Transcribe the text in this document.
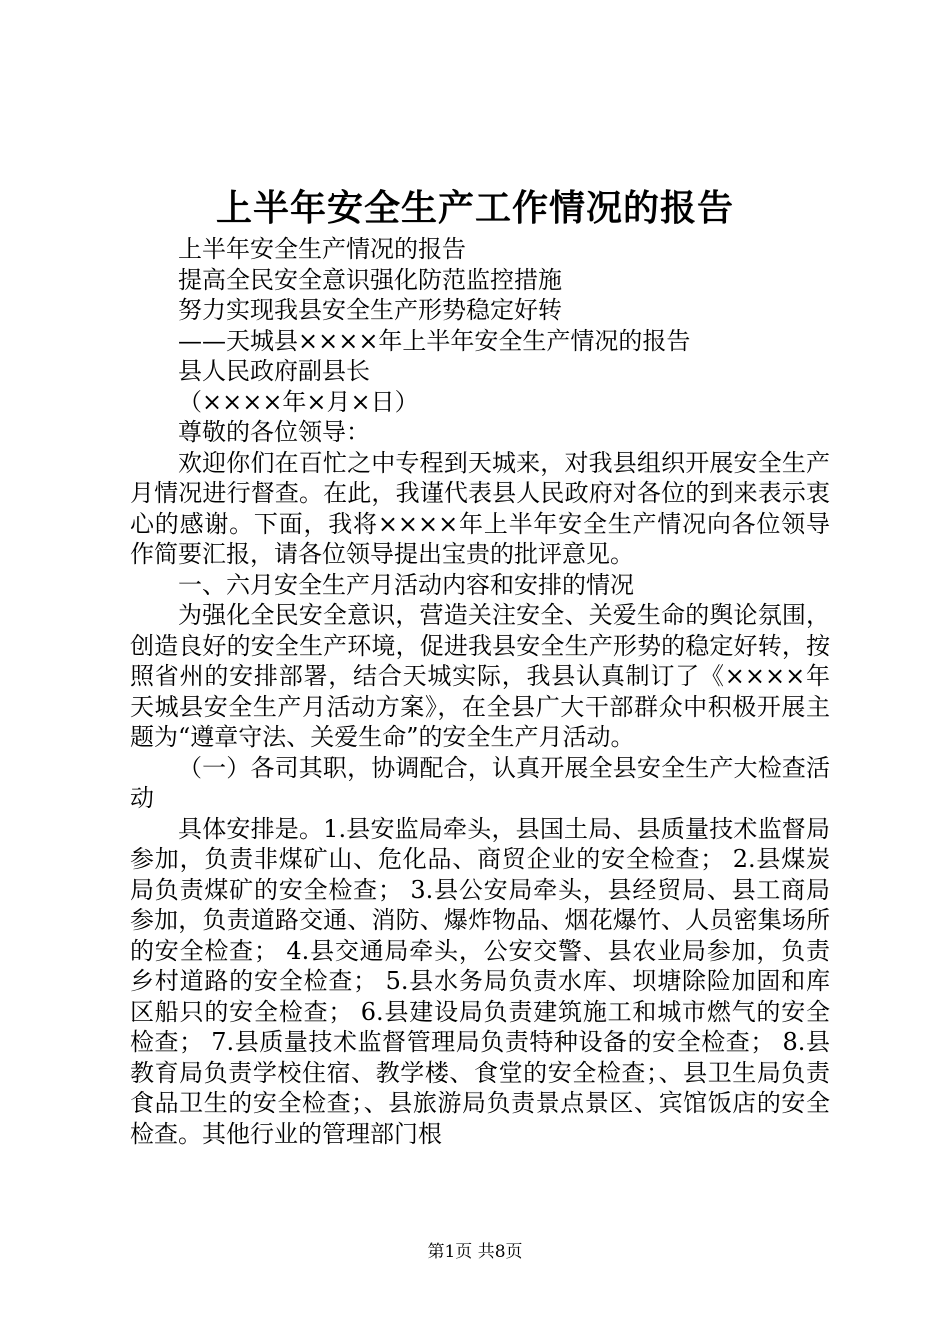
上半年安全生产工作情况的报告

上半年安全生产情况的报告

提高全民安全意识强化防范监控措施

努力实现我县安全生产形势稳定好转

——天城县××××年上半年安全生产情况的报告

县人民政府副县长

（××××年×月×日）

尊敬的各位领导：

欢迎你们在百忙之中专程到天城来，对我县组织开展安全生产月情况进行督查。在此，我谨代表县人民政府对各位的到来表示衷心的感谢。下面，我将××××年上半年安全生产情况向各位领导作简要汇报，请各位领导提出宝贵的批评意见。

一、六月安全生产月活动内容和安排的情况

为强化全民安全意识，营造关注安全、关爱生命的舆论氛围，创造良好的安全生产环境，促进我县安全生产形势的稳定好转，按照省州的安排部署，结合天城实际，我县认真制订了《××××年天城县安全生产月活动方案》，在全县广大干部群众中积极开展主题为“遵章守法、关爱生命”的安全生产月活动。

（一）各司其职，协调配合，认真开展全县安全生产大检查活动

具体安排是。1.县安监局牵头，县国土局、县质量技术监督局参加，负责非煤矿山、危化品、商贸企业的安全检查； 2.县煤炭局负责煤矿的安全检查； 3.县公安局牵头，县经贸局、县工商局参加，负责道路交通、消防、爆炸物品、烟花爆竹、人员密集场所的安全检查； 4.县交通局牵头，公安交警、县农业局参加，负责乡村道路的安全检查； 5.县水务局负责水库、坝塘除险加固和库区船只的安全检查； 6.县建设局负责建筑施工和城市燃气的安全检查； 7.县质量技术监督管理局负责特种设备的安全检查； 8.县教育局负责学校住宿、教学楼、食堂的安全检查；、县卫生局负责食品卫生的安全检查；、县旅游局负责景点景区、宾馆饭店的安全检查。其他行业的管理部门根

第1页 共8页
